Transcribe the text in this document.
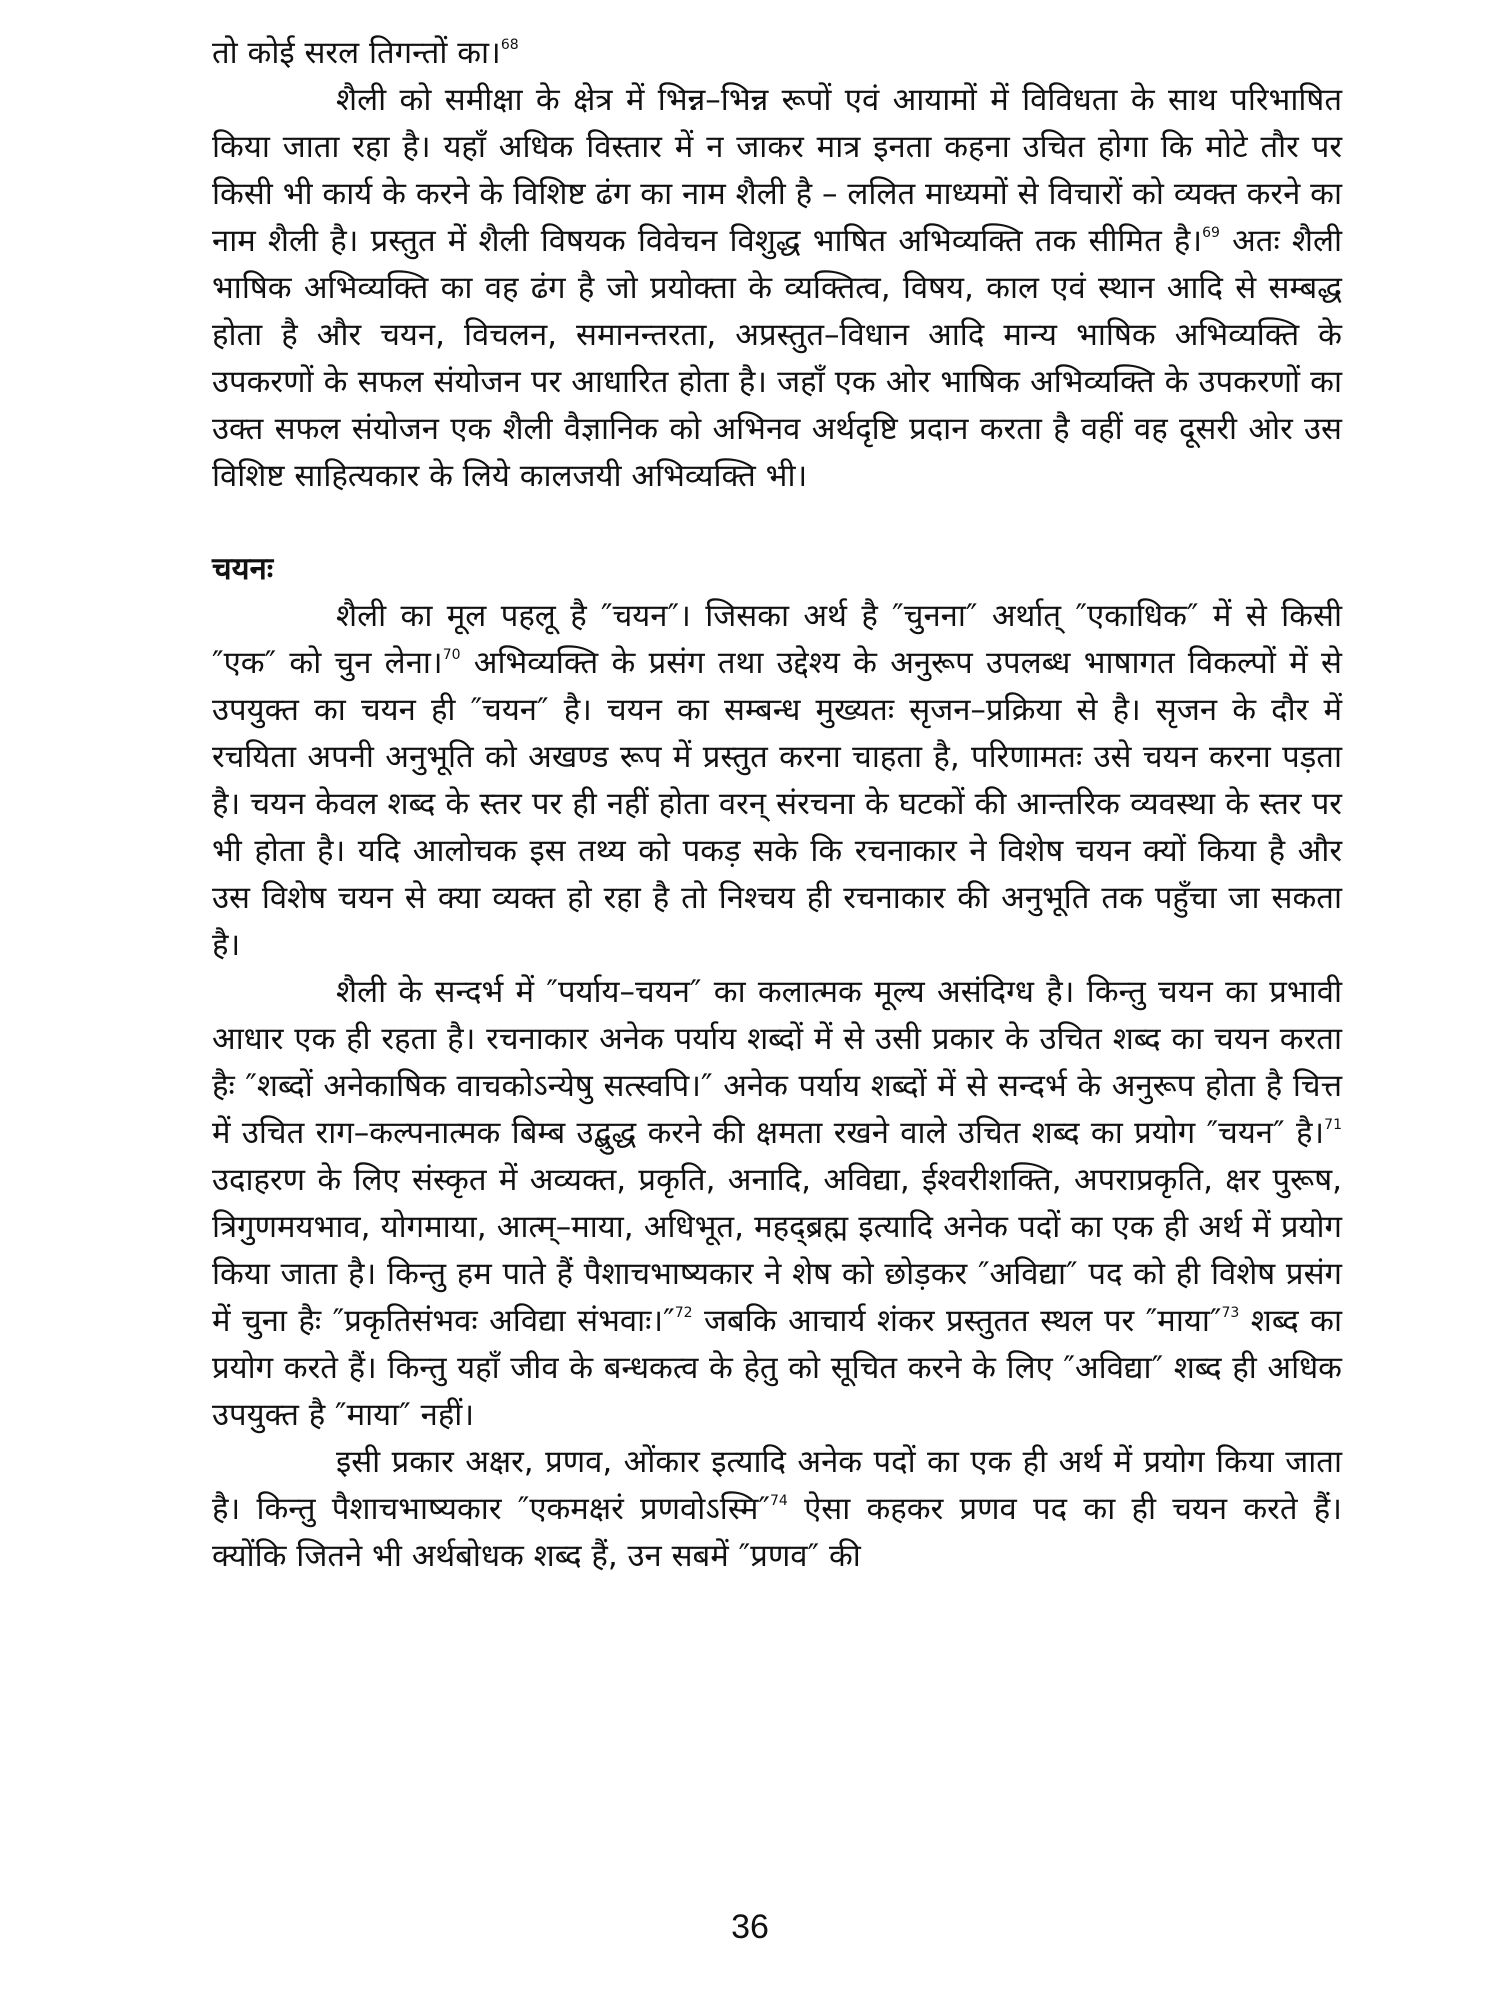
तो कोई सरल तिगन्तों का।$^{68}$

शैली को समीक्षा के क्षेत्र में भिन्न–भिन्न रूपों एवं आयामों में विविधता के साथ परिभाषित किया जाता रहा है। यहाँ अधिक विस्तार में न जाकर मात्र इनता कहना उचित होगा कि मोटे तौर पर किसी भी कार्य के करने के विशिष्ट ढंग का नाम शैली है – ललित माध्यमों से विचारों को व्यक्त करने का नाम शैली है। प्रस्तुत में शैली विषयक विवेचन विशुद्ध भाषित अभिव्यक्ति तक सीमित है।$^{69}$ अतः शैली भाषिक अभिव्यक्ति का वह ढंग है जो प्रयोक्ता के व्यक्तित्व, विषय, काल एवं स्थान आदि से सम्बद्ध होता है और चयन, विचलन, समानन्तरता, अप्रस्तुत–विधान आदि मान्य भाषिक अभिव्यक्ति के उपकरणों के सफल संयोजन पर आधारित होता है। जहाँ एक ओर भाषिक अभिव्यक्ति के उपकरणों का उक्त सफल संयोजन एक शैली वैज्ञानिक को अभिनव अर्थदृष्टि प्रदान करता है वहीं वह दूसरी ओर उस विशिष्ट साहित्यकार के लिये कालजयी अभिव्यक्ति भी।

चयनः

शैली का मूल पहलू है ″चयन″। जिसका अर्थ है ″चुनना″ अर्थात् ″एकाधिक″ में से किसी ″एक″ को चुन लेना।$^{70}$ अभिव्यक्ति के प्रसंग तथा उद्देश्य के अनुरूप उपलब्ध भाषागत विकल्पों में से उपयुक्त का चयन ही ″चयन″ है। चयन का सम्बन्ध मुख्यतः सृजन–प्रक्रिया से है। सृजन के दौर में रचयिता अपनी अनुभूति को अखण्ड रूप में प्रस्तुत करना चाहता है, परिणामतः उसे चयन करना पड़ता है। चयन केवल शब्द के स्तर पर ही नहीं होता वरन् संरचना के घटकों की आन्तरिक व्यवस्था के स्तर पर भी होता है। यदि आलोचक इस तथ्य को पकड़ सके कि रचनाकार ने विशेष चयन क्यों किया है और उस विशेष चयन से क्या व्यक्त हो रहा है तो निश्चय ही रचनाकार की अनुभूति तक पहुँचा जा सकता है।

शैली के सन्दर्भ में ″पर्याय–चयन″ का कलात्मक मूल्य असंदिग्ध है। किन्तु चयन का प्रभावी आधार एक ही रहता है। रचनाकार अनेक पर्याय शब्दों में से उसी प्रकार के उचित शब्द का चयन करता हैः ″शब्दों अनेकाषिक वाचकोऽन्येषु सत्स्वपि।″ अनेक पर्याय शब्दों में से सन्दर्भ के अनुरूप होता है चित्त में उचित राग–कल्पनात्मक बिम्ब उद्बुद्ध करने की क्षमता रखने वाले उचित शब्द का प्रयोग ″चयन″ है।$^{71}$ उदाहरण के लिए संस्कृत में अव्यक्त, प्रकृति, अनादि, अविद्या, ईश्वरीशक्ति, अपराप्रकृति, क्षर पुरूष, त्रिगुणमयभाव, योगमाया, आत्म्–माया, अधिभूत, महद्ब्रह्म इत्यादि अनेक पदों का एक ही अर्थ में प्रयोग किया जाता है। किन्तु हम पाते हैं पैशाचभाष्यकार ने शेष को छोड़कर ″अविद्या″ पद को ही विशेष प्रसंग में चुना हैः ″प्रकृतिसंभवः अविद्या संभवाः।″$^{72}$ जबकि आचार्य शंकर प्रस्तुतत स्थल पर ″माया″$^{73}$ शब्द का प्रयोग करते हैं। किन्तु यहाँ जीव के बन्धकत्व के हेतु को सूचित करने के लिए ″अविद्या″ शब्द ही अधिक उपयुक्त है ″माया″ नहीं।

इसी प्रकार अक्षर, प्रणव, ओंकार इत्यादि अनेक पदों का एक ही अर्थ में प्रयोग किया जाता है। किन्तु पैशाचभाष्यकार ″एकमक्षरं प्रणवोऽस्मि″$^{74}$ ऐसा कहकर प्रणव पद का ही चयन करते हैं। क्योंकि जितने भी अर्थबोधक शब्द हैं, उन सबमें ″प्रणव″ की

36
